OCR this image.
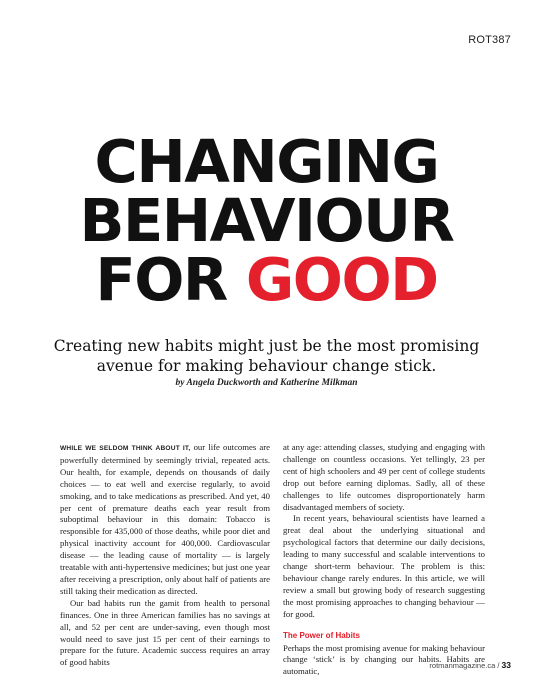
ROT387
CHANGING
BEHAVIOUR
FOR GOOD
Creating new habits might just be the most promising avenue for making behaviour change stick.
by Angela Duckworth and Katherine Milkman

WHILE WE SELDOM THINK ABOUT IT, our life outcomes are powerfully determined by seemingly trivial, repeated acts. Our health, for example, depends on thousands of daily choices — to eat well and exercise regularly, to avoid smoking, and to take medications as prescribed. And yet, 40 per cent of premature deaths each year result from suboptimal behaviour in this domain: Tobacco is responsible for 435,000 of those deaths, while poor diet and physical inactivity account for 400,000. Cardiovascular disease — the leading cause of mortality — is largely treatable with anti-hypertensive medicines; but just one year after receiving a prescription, only about half of patients are still taking their medication as directed.

Our bad habits run the gamit from health to personal finances. One in three American families has no savings at all, and 52 per cent are under-saving, even though most would need to save just 15 per cent of their earnings to prepare for the future. Academic success requires an array of good habits

at any age: attending classes, studying and engaging with challenge on countless occasions. Yet tellingly, 23 per cent of high schoolers and 49 per cent of college students drop out before earning diplomas. Sadly, all of these challenges to life outcomes disproportionately harm disadvantaged members of society.

In recent years, behavioural scientists have learned a great deal about the underlying situational and psychological factors that determine our daily decisions, leading to many successful and scalable interventions to change short-term behaviour. The problem is this: behaviour change rarely endures. In this article, we will review a small but growing body of research suggesting the most promising approaches to changing behaviour — for good.

The Power of Habits

Perhaps the most promising avenue for making behaviour change ‘stick’ is by changing our habits. Habits are automatic,

rotmanmagazine.ca / 33
